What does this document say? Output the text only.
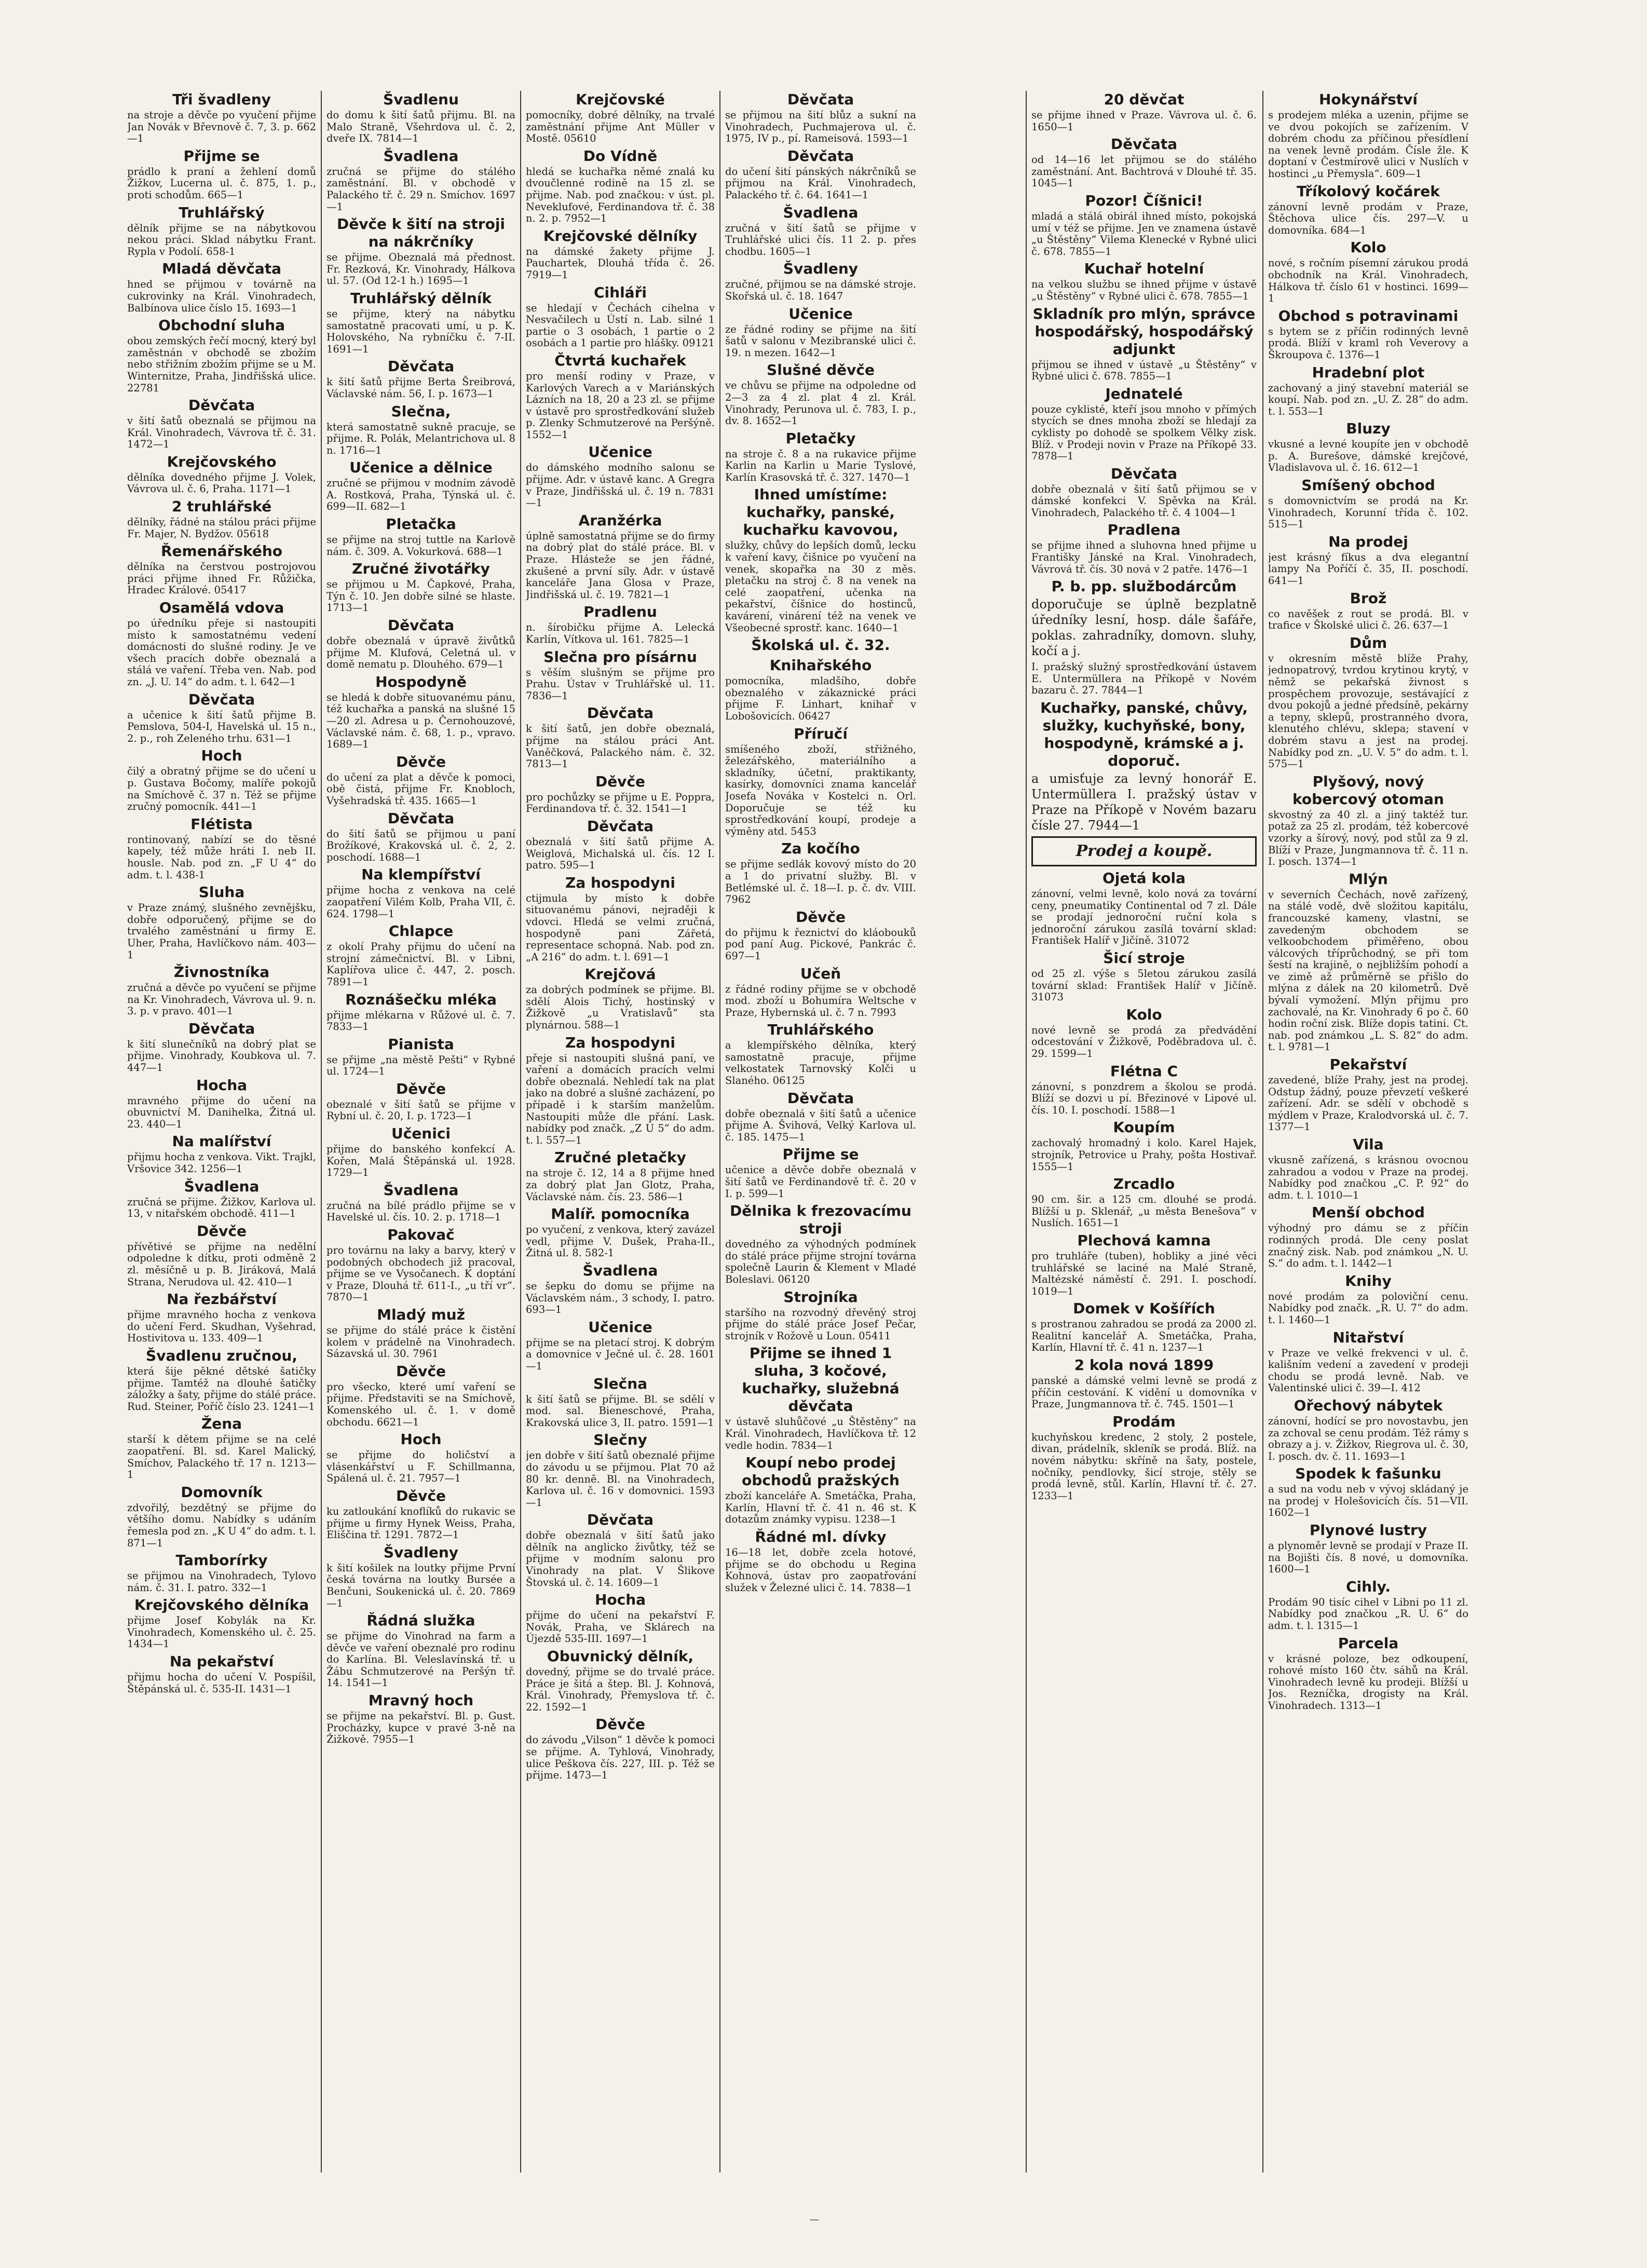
Tři švadleny

na stroje a děvče po vyučení přijme Jan Novák v Břevnově č. 7, 3. p. 662—1

Přijme se

prádlo k praní a žehlení domů Žižkov, Lucerna ul. č. 875, 1. p., proti schodům. 665—1

Truhlářský

dělník přijme se na nábytkovou nekou práci. Sklad nábytku Frant. Rypla v Podolí. 658-1

Mladá děvčata

hned se přijmou v továrně na cukrovinky na Král. Vinohradech, Balbínova ulice číslo 15. 1693—1

Obchodní sluha

obou zemských řečí mocný, který byl zaměstnán v obchodě se zbožím nebo střižním zbožím přijme se u M. Winternitze, Praha, Jindřišská ulice. 22781

Děvčata

v šití šatů obeznalá se přijmou na Král. Vinohradech, Vávrova tř. č. 31. 1472—1

Krejčovského

dělníka dovedného přijme J. Volek, Vávrova ul. č. 6, Praha. 1171—1

2 truhlářské

dělníky, řádné na stálou práci přijme Fr. Majer, N. Bydžov. 05618

Řemenářského

dělníka na čerstvou postrojovou práci přijme ihned Fr. Růžička, Hradec Králové. 05417

Osamělá vdova

po úředníku přeje si nastoupiti místo k samostatnému vedení domácnosti do slušné rodiny. Je ve všech pracích dobře obeznalá a stálá ve vaření. Třeba ven. Nab. pod zn. „J. U. 14“ do adm. t. l. 642—1

Děvčata

a učenice k šití šatů přijme B. Pemslova, 504-I, Havelská ul. 15 n., 2. p., roh Zeleného trhu. 631—1

Hoch

čilý a obratný přijme se do učení u p. Gustava Bočomy, malíře pokojů na Smíchově č. 37 n. Též se přijme zručný pomocník. 441—1

Flétista

rontinovaný, nabízí se do těsné kapely, též může hráti I. neb II. housle. Nab. pod zn. „F U 4“ do adm. t. l. 438-1

Sluha

v Praze známý, slušného zevnějšku, dobře odporučený, přijme se do trvalého zaměstnání u firmy E. Uher, Praha, Havlíčkovo nám. 403—1

Živnostníka

zručná a děvče po vyučení se přijme na Kr. Vinohradech, Vávrova ul. 9. n. 3. p. v pravo. 401—1

Děvčata

k šití slunečníků na dobrý plat se přijme. Vinohrady, Koubkova ul. 7. 447—1

Hocha

mravného přijme do učení na obuvnictví M. Danihelka, Žitná ul. 23. 440—1

Na malířství

přijmu hocha z venkova. Vikt. Trajkl, Vršovice 342. 1256—1

Švadlena

zručná se přijme. Žižkov, Karlova ul. 13, v nitařském obchodě. 411—1

Děvče

přívětivé se přijme na nedělní odpoledne k dítku, proti odměně 2 zl. měsíčně u p. B. Jiráková, Malá Strana, Nerudova ul. 42. 410—1

Na řezbářství

přijme mravného hocha z venkova do učení Ferd. Skudhan, Vyšehrad, Hostivitova u. 133. 409—1

Švadlenu zručnou,

která šije pěkné dětské šatičky přijme. Tamtéž na dlouhé šatičky záložky a šaty, přijme do stálé práce. Rud. Steiner, Poříč číslo 23. 1241—1

Žena

starší k dětem přijme se na celé zaopatření. Bl. sd. Karel Malický, Smíchov, Palackého tř. 17 n. 1213—1

Domovník

zdvořilý, bezdětný se přijme do většího domu. Nabídky s udáním řemesla pod zn. „K U 4“ do adm. t. l. 871—1

Tamborírky

se přijmou na Vinohradech, Tylovo nám. č. 31. I. patro. 332—1

Krejčovského dělníka

přijme Josef Kobylák na Kr. Vinohradech, Komenského ul. č. 25. 1434—1

Na pekařství

přijmu hocha do učení V. Pospíšil, Štěpánská ul. č. 535-II. 1431—1

Švadlenu

do domu k šití šatů přijmu. Bl. na Malo Straně, Všehrdova ul. č. 2, dveře IX. 7814—1

Švadlena

zručná se přijme do stálého zaměstnání. Bl. v obchodě v Palackého tř. č. 29 n. Smíchov. 1697—1

Děvče k šití na stroji na nákrčníky

se přijme. Obeznalá má přednost. Fr. Rezková, Kr. Vinohrady, Hálkova ul. 57. (Od 12-1 h.) 1695—1

Truhlářský dělník

se přijme, který na nábytku samostatně pracovati umí, u p. K. Holovského, Na rybníčku č. 7-II. 1691—1

Děvčata

k šití šatů přijme Berta Šreibrová, Václavské nám. 56, I. p. 1673—1

Slečna,

která samostatně sukně pracuje, se přijme. R. Polák, Melantrichova ul. 8 n. 1716—1

Učenice a dělnice

zručné se přijmou v modním závodě A. Rostková, Praha, Týnská ul. č. 699—II. 682—1

Pletačka

se přijme na stroj tuttle na Karlově nám. č. 309. A. Vokurková. 688—1

Zručné životářky

se přijmou u M. Čapkové, Praha, Týn č. 10. Jen dobře silné se hlaste. 1713—1

Děvčata

dobře obeznalá v úpravě živůtků přijme M. Klufová, Celetná ul. v domě nematu p. Dlouhého. 679—1

Hospodyně

se hledá k dobře situovanému pánu, též kuchařka a panská na slušné 15—20 zl. Adresa u p. Černohouzové, Václavské nám. č. 68, 1. p., vpravo. 1689—1

Děvče

do učení za plat a děvče k pomoci, obě čistá, přijme Fr. Knobloch, Vyšehradská tř. 435. 1665—1

Děvčata

do šití šatů se přijmou u paní Brožíkové, Krakovská ul. č. 2, 2. poschodí. 1688—1

Na klempířství

přijme hocha z venkova na celé zaopatření Vilém Kolb, Praha VII, č. 624. 1798—1

Chlapce

z okolí Prahy přijmu do učení na strojní zámečnictví. Bl. v Libni, Kaplířova ulice č. 447, 2. posch. 7891—1

Roznášečku mléka

přijme mlékarna v Růžové ul. č. 7. 7833—1

Pianista

se přijme „na městě Pešti“ v Rybné ul. 1724—1

Děvče

obeznalé v šití šatů se přijme v Rybní ul. č. 20, I. p. 1723—1

Učenici

přijme do banského konfekcí A. Kořen, Malá Štěpánská ul. 1928. 1729—1

Švadlena

zručná na bílé prádlo přijme se v Havelské ul. čís. 10. 2. p. 1718—1

Pakovač

pro továrnu na laky a barvy, který v podobných obchodech již pracoval, přijme se ve Vysočanech. K doptání v Praze, Dlouhá tř. 611-I., „u tří vr“. 7870—1

Mladý muž

se přijme do stálé práce k čistění kolem v prádelně na Vinohradech. Sázavská ul. 30. 7961

Děvče

pro všecko, které umí vaření se přijme. Představiti se na Smíchově, Komenského ul. č. 1. v domě obchodu. 6621—1

Hoch

se přijme do holičství a vlásenkářství u F. Schillmanna, Spálená ul. č. 21. 7957—1

Děvče

ku zatloukání knoflíků do rukavic se přijme u firmy Hynek Weiss, Praha, Eliščina tř. 1291. 7872—1

Švadleny

k šití košilek na loutky přijme První česká továrna na loutky Bursée a Benčuni, Soukenická ul. č. 20. 7869—1

Řádná služka

se přijme do Vinohrad na farm a děvče ve vaření obeznalé pro rodinu do Karlína. Bl. Veleslavínská tř. u Žábu Schmutzerové na Peršýn tř. 14. 1541—1

Mravný hoch

se přijme na pekařství. Bl. p. Gust. Procházky, kupce v pravé 3-ně na Žižkově. 7955—1

Krejčovské

pomocníky, dobré dělníky, na trvalé zaměstnání přijme Ant Müller v Mostě. 05610

Do Vídně

hledá se kuchařka němé znalá ku dvoučlenné rodině na 15 zl. se přijme. Nab. pod značkou: v úst. pl. Neveklufové, Ferdinandova tř. č. 38 n. 2. p. 7952—1

Krejčovské dělníky

na dámské žakety přijme J. Pauchartek, Dlouhá třída č. 26. 7919—1

Cihláři

se hledají v Čechách cihelna v Nesvačilech u Ústí n. Lab. silné 1 partie o 3 osobách, 1 partie o 2 osobách a 1 partie pro hlášky. 09121

Čtvrtá kuchařek

pro menší rodiny v Praze, v Karlových Varech a v Mariánských Lázních na 18, 20 a 23 zl. se přijme v ústavě pro sprostředkování služeb p. Zlenky Schmutzerové na Peršýně. 1552—1

Učenice

do dámského modního salonu se přijme. Adr. v ústavě kanc. A Gregra v Praze, Jindřišská ul. č. 19 n. 7831—1

Aranžérka

úplně samostatná přijme se do firmy na dobrý plat do stálé práce. Bl. v Praze. Hlásteže se jen řádné, zkušené a první síly. Adr. v ústavě kanceláře Jana Glosa v Praze, Jindřišská ul. č. 19. 7821—1

Pradlenu

n. šírobičku přijme A. Lelecká Karlín, Vítkova ul. 161. 7825—1

Slečna pro písárnu

s věším slušným se přijme pro Prahu. Ústav v Truhlářské ul. 11. 7836—1

Děvčata

k šití šatů, jen dobře obeznalá, přijme na stálou práci Ant. Vaněčková, Palackého nám. č. 32. 7813—1

Děvče

pro pochůzky se přijme u E. Poppra, Ferdinandova tř. č. 32. 1541—1

Děvčata

obeznalá v šití šatů přijme A. Weiglová, Michalská ul. čís. 12 I. patro. 595—1

Za hospodyni

ctijmula by místo k dobře situovanému pánovi, nejraději k vdovci. Hledá se velmi zručná, hospodyně pani Zářetá, representace schopná. Nab. pod zn. „A 216“ do adm. t. l. 691—1

Krejčová

za dobrých podmínek se přijme. Bl. sdělí Alois Tichý, hostinský v Žižkově „u Vratislavů“ sta plynárnou. 588—1

Za hospodyni

přeje si nastoupiti slušná paní, ve vaření a domácích pracích velmi dobře obeznalá. Nehledí tak na plat jako na dobré a slušné zacházení, po případě i k starším manželům. Nastoupiti může dle přání. Lask. nabídky pod značk. „Z U 5“ do adm. t. l. 557—1

Zručné pletačky

na stroje č. 12, 14 a 8 přijme hned za dobrý plat Jan Glotz, Praha, Václavské nám. čís. 23. 586—1

Malíř. pomocníka

po vyučení, z venkova, který zavázel vedl, přijme V. Dušek, Praha-II., Žitná ul. 8. 582-1

Švadlena

se šepku do domu se přijme na Václavském nám., 3 schody, I. patro. 693—1

Učenice

přijme se na pletací stroj. K dobrým a domovnice v Ječné ul. č. 28. 1601—1

Slečna

k šití šatů se přijme. Bl. se sdělí v mod. sal. Bieneschové, Praha, Krakovská ulice 3, II. patro. 1591—1

Slečny

jen dobře v šití šatů obeznalé přijme do závodu u se přijmou. Plat 70 až 80 kr. denně. Bl. na Vinohradech, Karlova ul. č. 16 v domovnici. 1593—1

Děvčata

dobře obeznalá v šití šatů jako dělník na anglicko živůtky, též se přijme v modním salonu pro Vinohrady na plat. V Šlikove Štovská ul. č. 14. 1609—1

Hocha

přijme do učení na pekařství F. Novák, Praha, ve Sklárech na Újezdě 535-III. 1697—1

Obuvnický dělník,

dovedný, přijme se do trvalé práce. Práce je šitá a štep. Bl. J. Kohnová, Král. Vinohrady, Přemyslova tř. č. 22. 1592—1

Děvče

do závodu „Vilson“ 1 děvče k pomoci se přijme. A. Tyhlová, Vinohrady, ulice Peškova čís. 227, III. p. Též se přijme. 1473—1

Děvčata

se přijmou na šití blůz a sukní na Vinohradech, Puchmajerova ul. č. 1975, IV p., pí. Rameisová. 1593—1

Děvčata

do učení šití pánských nákrčníků se přijmou na Král. Vinohradech, Palackého tř. č. 64. 1641—1

Švadlena

zručná v šití šatů se přijme v Truhlářské ulici čís. 11 2. p. přes chodbu. 1605—1

Švadleny

zručné, přijmou se na dámské stroje. Skořská ul. č. 18. 1647

Učenice

ze řádné rodiny se přijme na šití šatů v salonu v Mezibranské ulici č. 19. n mezen. 1642—1

Slušné děvče

ve chůvu se přijme na odpoledne od 2—3 za 4 zl. plat 4 zl. Král. Vinohrady, Perunova ul. č. 783, I. p., dv. 8. 1652—1

Pletačky

na stroje č. 8 a na rukavice přijme Karlin na Karlin u Marie Tyslové, Karlín Krasovská tř. č. 327. 1470—1

Ihned umístíme: kuchařky, panské, kuchařku kavovou,

služky, chůvy do lepších domů, lecku k vaření kavy, čišnice po vyučení na venek, skopařka na 30 z měs. pletačku na stroj č. 8 na venek na celé zaopatření, učenka na pekařství, číšnice do hostinců, kavárení, vinárení též na venek ve Všeobecné sprostř. kanc. 1640—1

Školská ul. č. 32.
Knihařského

pomocníka, mladšího, dobře obeznalého v zákaznické práci přijme F. Linhart, knihař v Lobošovicích. 06427

Příručí

smíšeného zboží, střižného, železářského, materiálního a skladníky, účetní, praktikanty, kasírky, domovníci znama kancelář Josefa Nováka v Kostelci n. Orl. Doporučuje se též ku sprostředkování koupí, prodeje a výměny atd. 5453

Za kočího

se přijme sedlák kovový místo do 20 a 1 do privatní služby. Bl. v Betlémské ul. č. 18—I. p. č. dv. VIII. 7962

Děvče

do přijmu k řeznictví do kláobouků pod paní Aug. Pickové, Pankrác č. 697—1

Učeň

z řádné rodiny přijme se v obchodě mod. zboží u Bohumíra Weltsche v Praze, Hybernská ul. č. 7 n. 7993

Truhlářského

a klempířského dělníka, který samostatně pracuje, přijme velkostatek Tarnovský Kolči u Slaného. 06125

Děvčata

dobře obeznalá v šití šatů a učenice přijme A. Švihová, Velký Karlova ul. č. 185. 1475—1

Přijme se

učenice a děvče dobře obeznalá v šití šatů ve Ferdinandově tř. č. 20 v I. p. 599—1

Dělnika k frezovacímu stroji

dovedného za výhodných podmínek do stálé práce přijme strojní továrna společně Laurin & Klement v Mladé Boleslavi. 06120

Strojníka

staršího na rozvodný dřevěný stroj přijme do stálé práce Josef Pečar, strojník v Rožově u Loun. 05411

Přijme se ihned 1 sluha, 3 kočové, kuchařky, služebná děvčata

v ústavě sluhůčové „u Štěstěny“ na Král. Vinohradech, Havlíčkova tř. 12 vedle hodin. 7834—1

Koupí nebo prodej obchodů pražských

zboží kanceláře A. Smetáčka, Praha, Karlín, Hlavní tř. č. 41 n. 46 st. K dotazům známky vypisu. 1238—1

Řádné ml. dívky

16—18 let, dobře zcela hotové, přijme se do obchodu u Regina Kohnová, ústav pro zaopatřování služek v Železné ulici č. 14. 7838—1

20 děvčat

se přijme ihned v Praze. Vávrova ul. č. 6. 1650—1

Děvčata

od 14—16 let přijmou se do stálého zaměstnání. Ant. Bachtrová v Dlouhé tř. 35. 1045—1

Pozor! Číšnici!

mladá a stálá obirál ihned místo, pokojská umí v též se přijme. Jen ve znamena ústavě „u Štěstěny“ Vilema Klenecké v Rybné ulici č. 678. 7855—1

Kuchař hotelní

na velkou službu se ihned přijme v ústavě „u Štěstěny“ v Rybné ulici č. 678. 7855—1

Skladník pro mlýn, správce hospodářský, hospodářský adjunkt

přijmou se ihned v ústavě „u Štěstěny“ v Rybné ulici č. 678. 7855—1

Jednatelé

pouze cyklisté, kteří jsou mnoho v přímých stycích se dnes mnoha zboží se hledají za cyklisty po dohodě se spolkem Vělky zisk. Blíž. v Prodeji novin v Praze na Příkopě 33. 7878—1

Děvčata

dobře obeznalá v šití šatů přijmou se v dámské konfekci V. Spěvka na Král. Vinohradech, Palackého tř. č. 4 1004—1

Pradlena

se přijme ihned a sluhovna hned přijme u Františky Jánské na Kral. Vinohradech, Vávrová tř. čís. 30 nová v 2 patře. 1476—1

P. b. pp. službodárcům

doporučuje se úplně bezplatně úředníky lesní, hosp. dále šafáře, poklas. zahradníky, domovn. sluhy, kočí a j.

I. pražský služný sprostředkování ústavem E. Untermüllera na Příkopě v Novém bazaru č. 27. 7844—1

Kuchařky, panské, chůvy, služky, kuchyňské, bony, hospodyně, krámské a j. doporuč.

a umisťuje za levný honorář E. Untermüllera I. pražský ústav v Praze na Příkopě v Novém bazaru čísle 27. 7944—1

Prodej a koupě.
Ojetá kola

zánovní, velmi levně, kolo nová za tovární ceny, pneumatiky Continental od 7 zl. Dále se prodají jednoroční ruční kola s jednoroční zárukou zasílá tovární sklad: František Halíř v Jičíně. 31072

Šicí stroje

od 25 zl. výše s 5letou zárukou zasílá tovární sklad: František Halíř v Jičíně. 31073

Kolo

nové levně se prodá za předvádění odcestování v Žižkově, Poděbradova ul. č. 29. 1599—1

Flétna C

zánovní, s ponzdrem a školou se prodá. Blíží se dozvi u pí. Březinové v Lipové ul. čís. 10. I. poschodí. 1588—1

Koupím

zachovalý hromadný i kolo. Karel Hajek, strojník, Petrovice u Prahy, pošta Hostivař. 1555—1

Zrcadlo

90 cm. šir. a 125 cm. dlouhé se prodá. Blížší u p. Sklenář, „u města Benešova“ v Nuslích. 1651—1

Plechová kamna

pro truhláře (tuben), hobliky a jiné věci truhlářské se laciné na Malé Straně, Maltézské náměstí č. 291. I. poschodí. 1019—1

Domek v Košířích

s prostranou zahradou se prodá za 2000 zl. Realitní kancelář A. Smetáčka, Praha, Karlín, Hlavní tř. č. 41 n. 1237—1

2 kola nová 1899

panské a dámské velmi levně se prodá z příčin cestování. K vidění u domovníka v Praze, Jungmannova tř. č. 745. 1501—1

Prodám

kuchyňskou kredenc, 2 stoly, 2 postele, divan, prádelník, skleník se prodá. Blíž. na novém nábytku: skříně na šaty, postele, nočníky, pendlovky, šicí stroje, stěly se prodá levně, stůl. Karlín, Hlavní tř. č. 27. 1233—1

Hokynářství

s prodejem mléka a uzenin, přijme se ve dvou pokojích se zařízením. V dobrém chodu za příčinou přesídlení na venek levně prodám. Čísle žle. K doptaní v Čestmírově ulici v Nuslích v hostinci „u Přemysla“. 609—1

Tříkolový kočárek

zánovní levně prodám v Praze, Štěchova ulice čís. 297—V. u domovníka. 684—1

Kolo

nové, s ročním písemní zárukou prodá obchodník na Král. Vinohradech, Hálkova tř. číslo 61 v hostinci. 1699—1

Obchod s potravinami

s bytem se z příčin rodinných levně prodá. Blíží v kraml roh Veverovy a Škroupova č. 1376—1

Hradební plot

zachovaný a jiný stavební materiál se koupí. Nab. pod zn. „U. Z. 28“ do adm. t. l. 553—1

Bluzy

vkusné a levné koupíte jen v obchodě p. A. Burešove, dámské krejčové, Vladislavova ul. č. 16. 612—1

Smíšený obchod

s domovnictvím se prodá na Kr. Vinohradech, Korunní třída č. 102. 515—1

Na prodej

jest krásný fíkus a dva elegantní lampy Na Poříčí č. 35, II. poschodí. 641—1

Brož

co navěšek z rout se prodá. Bl. v trafice v Školské ulici č. 26. 637—1

Dům

v okresním městě blíže Prahy, jednopatrový, tvrdou krytinou krytý, v němž se pekařská živnost s prospěchem provozuje, sestávající z dvou pokojů a jedné předsíně, pekárny a tepny, sklepů, prostranného dvora, klenutého chlévu, sklepa; stavení v dobrém stavu a jest na prodej. Nabídky pod zn. „U. V. 5“ do adm. t. l. 575—1

Plyšový, nový kobercový otoman

skvostný za 40 zl. a jiný taktéž tur. potaž za 25 zl. prodám, též kobercové vzorky a šírový, nový, pod stůl za 9 zl. Blíží v Praze, Jungmannova tř. č. 11 n. I. posch. 1374—1

Mlýn

v severních Čechách, nově zařízený, na stálé vodě, dvě složitou kapitálu, francouzské kameny, vlastní, se zavedeným obchodem se velkoobchodem přiměřeno, obou válcových tříprůchodný, se při tom šestí na krajině, o nejbližším pohodí a ve zimě až průměrně se přišlo do mlýna z dálek na 20 kilometrů. Dvě bývalí vymožení. Mlýn přijmu pro zachovalé, na Kr. Vinohrady 6 po č. 60 hodin roční zisk. Blíže dopis tatini. Ct. nab. pod známkou „L. S. 82“ do adm. t. l. 9781—1

Pekařství

zavedené, blíže Prahy, jest na prodej. Odstup žádný, pouze převzetí veškeré zařízení. Adr. se sdělí v obchodě s mýdlem v Praze, Kralodvorská ul. č. 7. 1377—1

Vila

vkusně zařízená, s krásnou ovocnou zahradou a vodou v Praze na prodej. Nabídky pod značkou „C. P. 92“ do adm. t. l. 1010—1

Menší obchod

výhodný pro dámu se z příčin rodinných prodá. Dle ceny poslat značný zisk. Nab. pod známkou „N. U. S.“ do adm. t. l. 1442—1

Knihy

nové prodám za poloviční cenu. Nabídky pod značk. „R. U. 7“ do adm. t. l. 1460—1

Nitařství

v Praze ve velké frekvenci v ul. č. kališním vedení a zavedení v prodeji chodu se prodá levně. Nab. ve Valentinské ulici č. 39—I. 412

Ořechový nábytek

zánovní, hodící se pro novostavbu, jen za zchoval se cenu prodám. Též rámy s obrazy a j. v. Žižkov, Riegrova ul. č. 30, I. posch. dv. č. 11. 1693—1

Spodek k fašunku

a sud na vodu neb v vývoj skládaný je na prodej v Holešovicích čís. 51—VII. 1602—1

Plynové lustry

a plynoměr levně se prodají v Praze II. na Bojišti čís. 8 nové, u domovníka. 1600—1

Cihly.

Prodám 90 tisíc cihel v Libni po 11 zl. Nabídky pod značkou „R. U. 6“ do adm. t. l. 1315—1

Parcela

v krásné poloze, bez odkoupení, rohové místo 160 čtv. sáhů na Král. Vinohradech levně ku prodeji. Blížší u Jos. Rezníčka, drogisty na Král. Vinohradech. 1313—1

—
